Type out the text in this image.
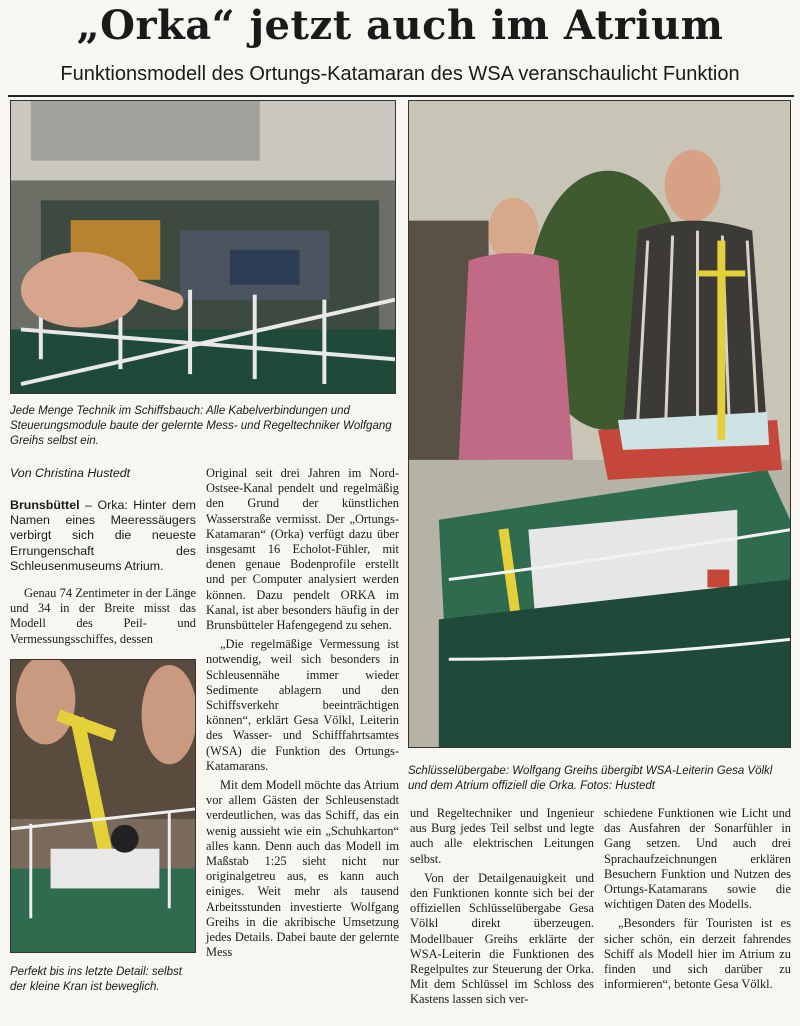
„Orka“ jetzt auch im Atrium
Funktionsmodell des Ortungs-Katamaran des WSA veranschaulicht Funktion
Jede Menge Technik im Schiffsbauch: Alle Kabelverbindungen und Steuerungsmodule baute der gelernte Mess- und Regeltechniker Wolfgang Greihs selbst ein.
Schlüsselübergabe: Wolfgang Greihs übergibt WSA-Leiterin Gesa Völkl und dem Atrium offiziell die Orka. Fotos: Hustedt
Perfekt bis ins letzte Detail: selbst der kleine Kran ist beweglich.
Von Christina Hustedt

Brunsbüttel – Orka: Hinter dem Namen eines Meeressäugers verbirgt sich die neueste Errungenschaft des Schleusenmuseums Atrium.

Genau 74 Zentimeter in der Länge und 34 in der Breite misst das Modell des Peil- und Vermessungsschiffes, dessen

Original seit drei Jahren im Nord-Ostsee-Kanal pendelt und regelmäßig den Grund der künstlichen Wasserstraße vermisst. Der „Ortungs-Katamaran“ (Orka) verfügt dazu über insgesamt 16 Echolot-Fühler, mit denen genaue Bodenprofile erstellt und per Computer analysiert werden können. Dazu pendelt ORKA im Kanal, ist aber besonders häufig in der Brunsbütteler Hafengegend zu sehen.

„Die regelmäßige Vermessung ist notwendig, weil sich besonders in Schleusennähe immer wieder Sedimente ablagern und den Schiffsverkehr beeinträchtigen können“, erklärt Gesa Völkl, Leiterin des Wasser- und Schifffahrtsamtes (WSA) die Funktion des Ortungs-Katamarans.

Mit dem Modell möchte das Atrium vor allem Gästen der Schleusenstadt verdeutlichen, was das Schiff, das ein wenig aussieht wie ein „Schuhkarton“ alles kann. Denn auch das Modell im Maßstab 1:25 sieht nicht nur originalgetreu aus, es kann auch einiges. Weit mehr als tausend Arbeitsstunden investierte Wolfgang Greihs in die akribische Umsetzung jedes Details. Dabei baute der gelernte Mess

und Regeltechniker und Ingenieur aus Burg jedes Teil selbst und legte auch alle elektrischen Leitungen selbst.

Von der Detailgenauigkeit und den Funktionen konnte sich bei der offiziellen Schlüsselübergabe Gesa Völkl direkt überzeugen. Modellbauer Greihs erklärte der WSA-Leiterin die Funktionen des Regelpultes zur Steuerung der Orka. Mit dem Schlüssel im Schloss des Kastens lassen sich ver-

schiedene Funktionen wie Licht und das Ausfahren der Sonarfühler in Gang setzen. Und auch drei Sprachaufzeichnungen erklären Besuchern Funktion und Nutzen des Ortungs-Katamarans sowie die wichtigen Daten des Modells.

„Besonders für Touristen ist es sicher schön, ein derzeit fahrendes Schiff als Modell hier im Atrium zu finden und sich darüber zu informieren“, betonte Gesa Völkl.
